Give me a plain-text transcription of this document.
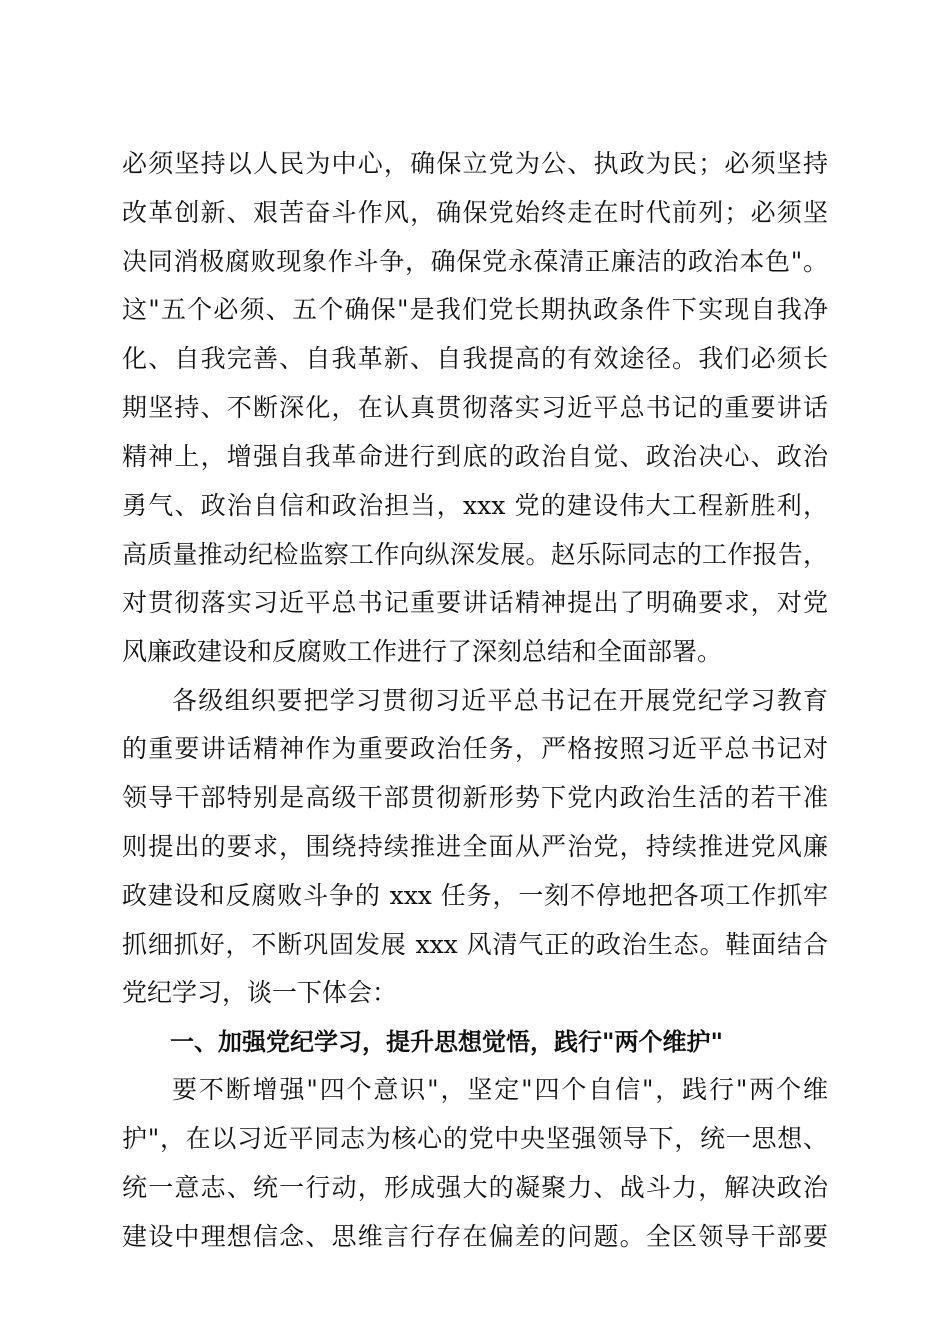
必须坚持以人民为中心，确保立党为公、执政为民；必须坚持
改革创新、艰苦奋斗作风，确保党始终走在时代前列；必须坚
决同消极腐败现象作斗争，确保党永葆清正廉洁的政治本色"。
这"五个必须、五个确保"是我们党长期执政条件下实现自我净
化、自我完善、自我革新、自我提高的有效途径。我们必须长
期坚持、不断深化，在认真贯彻落实习近平总书记的重要讲话
精神上，增强自我革命进行到底的政治自觉、政治决心、政治
勇气、政治自信和政治担当，xxx 党的建设伟大工程新胜利，
高质量推动纪检监察工作向纵深发展。赵乐际同志的工作报告，
对贯彻落实习近平总书记重要讲话精神提出了明确要求，对党
风廉政建设和反腐败工作进行了深刻总结和全面部署。
各级组织要把学习贯彻习近平总书记在开展党纪学习教育
的重要讲话精神作为重要政治任务，严格按照习近平总书记对
领导干部特别是高级干部贯彻新形势下党内政治生活的若干准
则提出的要求，围绕持续推进全面从严治党，持续推进党风廉
政建设和反腐败斗争的 xxx 任务，一刻不停地把各项工作抓牢
抓细抓好，不断巩固发展 xxx 风清气正的政治生态。鞋面结合
党纪学习，谈一下体会：
一、加强党纪学习，提升思想觉悟，践行"两个维护"
要不断增强"四个意识"，坚定"四个自信"，践行"两个维
护"，在以习近平同志为核心的党中央坚强领导下，统一思想、
统一意志、统一行动，形成强大的凝聚力、战斗力，解决政治
建设中理想信念、思维言行存在偏差的问题。全区领导干部要
